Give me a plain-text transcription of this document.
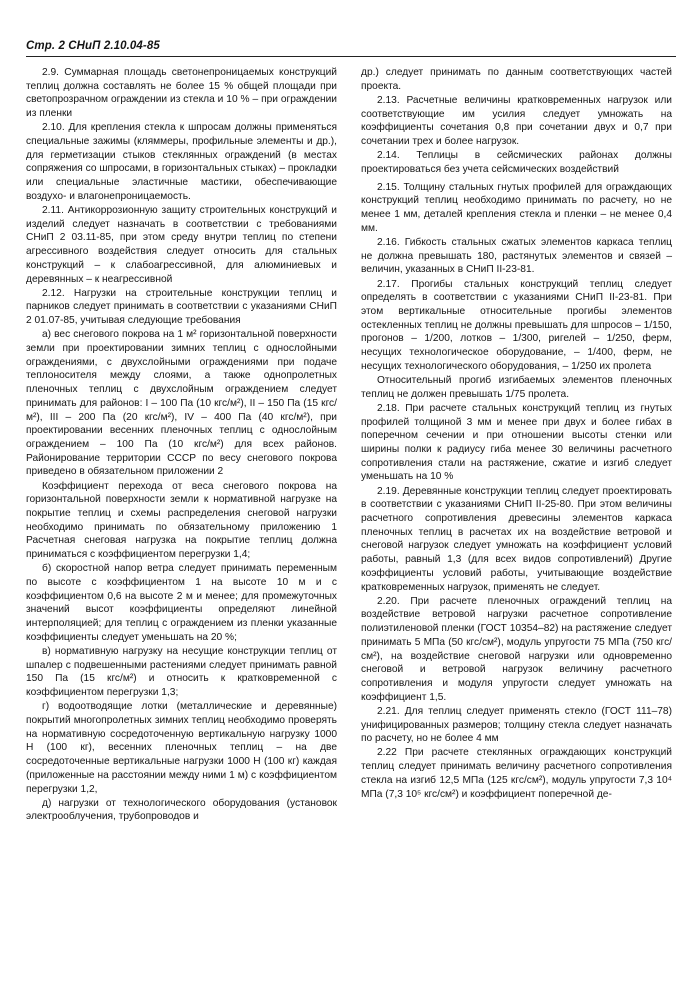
Стр. 2 СНиП 2.10.04-85

2.9. Суммарная площадь светонепроницаемых конструкций теплиц должна составлять не более 15 % общей площади при светопрозрачном ограждении из стекла и 10 % – при ограждении из пленки

2.10. Для крепления стекла к шпросам должны применяться специальные зажимы (кляммеры, профильные элементы и др.), для герметизации стыков стеклянных ограждений (в местах сопряжения со шпросами, в горизонтальных стыках) – прокладки или специальные эластичные мастики, обеспечивающие воздухо- и влагонепроницаемость.

2.11. Антикоррозионную защиту строительных конструкций и изделий следует назначать в соответствии с требованиями СНиП 2 03.11-85, при этом среду внутри теплиц по степени агрессивного воздействия следует относить для стальных конструкций – к слабоагрессивной, для алюминиевых и деревянных – к неагрессивной

2.12. Нагрузки на строительные конструкции теплиц и парников следует принимать в соответствии с указаниями СНиП 2 01.07-85, учитывая следующие требования

а) вес снегового покрова на 1 м² горизонтальной поверхности земли при проектировании зимних теплиц с однослойными ограждениями, с двухслойными ограждениями при подаче теплоносителя между слоями, а также однопролетных пленочных теплиц с двухслойным ограждением следует принимать для районов: I – 100 Па (10 кгс/м²), II – 150 Па (15 кгс/м²), III – 200 Па (20 кгс/м²), IV – 400 Па (40 кгс/м²), при проектировании весенних пленочных теплиц с однослойным ограждением – 100 Па (10 кгс/м²) для всех районов. Районирование территории СССР по весу снегового покрова приведено в обязательном приложении 2

Коэффициент перехода от веса снегового покрова на горизонтальной поверхности земли к нормативной нагрузке на покрытие теплиц и схемы распределения снеговой нагрузки необходимо принимать по обязательному приложению 1 Расчетная снеговая нагрузка на покрытие теплиц должна приниматься с коэффициентом перегрузки 1,4;

б) скоростной напор ветра следует принимать переменным по высоте с коэффициентом 1 на высоте 10 м и с коэффициентом 0,6 на высоте 2 м и менее; для промежуточных значений высот коэффициенты определяют линейной интерполяцией; для теплиц с ограждением из пленки указанные коэффициенты следует уменьшать на 20 %;

в) нормативную нагрузку на несущие конструкции теплиц от шпалер с подвешенными растениями следует принимать равной 150 Па (15 кгс/м²) и относить к кратковременной с коэффициентом перегрузки 1,3;

г) водоотводящие лотки (металлические и деревянные) покрытий многопролетных зимних теплиц необходимо проверять на нормативную сосредоточенную вертикальную нагрузку 1000 Н (100 кг), весенних пленочных теплиц – на две сосредоточенные вертикальные нагрузки 1000 Н (100 кг) каждая (приложенные на расстоянии между ними 1 м) с коэффициентом перегрузки 1,2,

д) нагрузки от технологического оборудования (установок электрооблучения, трубопроводов и

др.) следует принимать по данным соответствующих частей проекта.

2.13. Расчетные величины кратковременных нагрузок или соответствующие им усилия следует умножать на коэффициенты сочетания 0,8 при сочетании двух и 0,7 при сочетании трех и более нагрузок.

2.14. Теплицы в сейсмических районах должны проектироваться без учета сейсмических воздействий

2.15. Толщину стальных гнутых профилей для ограждающих конструкций теплиц необходимо принимать по расчету, но не менее 1 мм, деталей крепления стекла и пленки – не менее 0,4 мм.

2.16. Гибкость стальных сжатых элементов каркаса теплиц не должна превышать 180, растянутых элементов и связей – величин, указанных в СНиП II-23-81.

2.17. Прогибы стальных конструкций теплиц следует определять в соответствии с указаниями СНиП II-23-81. При этом вертикальные относительные прогибы элементов остекленных теплиц не должны превышать для шпросов – 1/150, прогонов – 1/200, лотков – 1/300, ригелей – 1/250, ферм, несущих технологическое оборудование, – 1/400, ферм, не несущих технологического оборудования, – 1/250 их пролета

Относительный прогиб изгибаемых элементов пленочных теплиц не должен превышать 1/75 пролета.

2.18. При расчете стальных конструкций теплиц из гнутых профилей толщиной 3 мм и менее при двух и более гибах в поперечном сечении и при отношении высоты стенки или ширины полки к радиусу гиба менее 30 величины расчетного сопротивления стали на растяжение, сжатие и изгиб следует уменьшать на 10 %

2.19. Деревянные конструкции теплиц следует проектировать в соответствии с указаниями СНиП II-25-80. При этом величины расчетного сопротивления древесины элементов каркаса пленочных теплиц в расчетах их на воздействие ветровой и снеговой нагрузок следует умножать на коэффициент условий работы, равный 1,3 (для всех видов сопротивлений) Другие коэффициенты условий работы, учитывающие воздействие кратковременных нагрузок, применять не следует.

2.20. При расчете пленочных ограждений теплиц на воздействие ветровой нагрузки расчетное сопротивление полиэтиленовой пленки (ГОСТ 10354–82) на растяжение следует принимать 5 МПа (50 кгс/см²), модуль упругости 75 МПа (750 кгс/см²), на воздействие снеговой нагрузки или одновременно снеговой и ветровой нагрузок величину расчетного сопротивления и модуля упругости следует умножать на коэффициент 1,5.

2.21. Для теплиц следует применять стекло (ГОСТ 111–78) унифицированных размеров; толщину стекла следует назначать по расчету, но не более 4 мм

2.22 При расчете стеклянных ограждающих конструкций теплиц следует принимать величину расчетного сопротивления стекла на изгиб 12,5 МПа (125 кгс/см²), модуль упругости 7,3 10⁴ МПа (7,3 10⁵ кгс/см²) и коэффициент поперечной де-
